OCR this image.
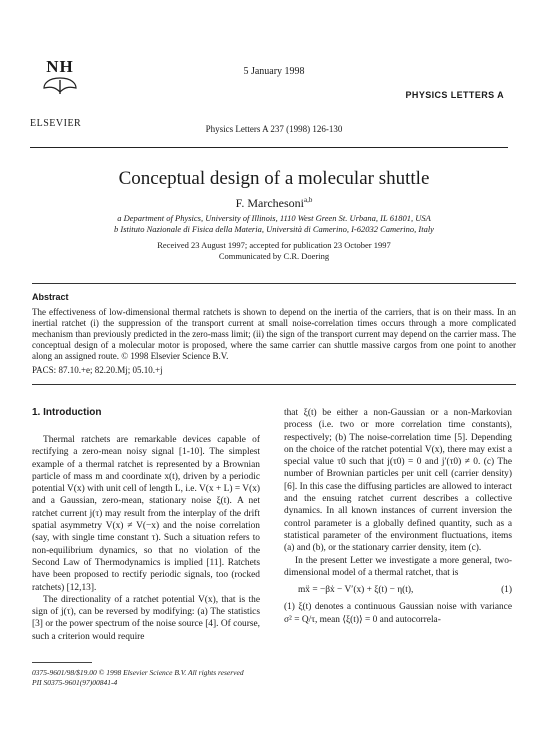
NH
ELSEVIER
5 January 1998
PHYSICS LETTERS A
Physics Letters A 237 (1998) 126-130
Conceptual design of a molecular shuttle
F. Marchesoni$^{a,b}$
a Department of Physics, University of Illinois, 1110 West Green St. Urbana, IL 61801, USA
b Istituto Nazionale di Fisica della Materia, Università di Camerino, I-62032 Camerino, Italy
Received 23 August 1997; accepted for publication 23 October 1997
Communicated by C.R. Doering
Abstract
The effectiveness of low-dimensional thermal ratchets is shown to depend on the inertia of the carriers, that is on their mass. In an inertial ratchet (i) the suppression of the transport current at small noise-correlation times occurs through a more complicated mechanism than previously predicted in the zero-mass limit; (ii) the sign of the transport current may depend on the carrier mass. The conceptual design of a molecular motor is proposed, where the same carrier can shuttle massive cargos from one point to another along an assigned route. © 1998 Elsevier Science B.V.
PACS: 87.10.+e; 82.20.Mj; 05.10.+j
1. Introduction

Thermal ratchets are remarkable devices capable of rectifying a zero-mean noisy signal [1-10]. The simplest example of a thermal ratchet is represented by a Brownian particle of mass m and coordinate x(t), driven by a periodic potential V(x) with unit cell of length L, i.e. V(x + L) = V(x) and a Gaussian, zero-mean, stationary noise ξ(t). A net ratchet current j(τ) may result from the interplay of the drift spatial asymmetry V(x) ≠ V(−x) and the noise correlation (say, with single time constant τ). Such a situation refers to non-equilibrium dynamics, so that no violation of the Second Law of Thermodynamics is implied [11]. Ratchets have been proposed to rectify periodic signals, too (rocked ratchets) [12,13].

The directionality of a ratchet potential V(x), that is the sign of j(τ), can be reversed by modifying: (a) The statistics [3] or the power spectrum of the noise source [4]. Of course, such a criterion would require

that ξ(t) be either a non-Gaussian or a non-Markovian process (i.e. two or more correlation time constants), respectively; (b) The noise-correlation time [5]. Depending on the choice of the ratchet potential V(x), there may exist a special value τ0 such that j(τ0) = 0 and j′(τ0) ≠ 0. (c) The number of Brownian particles per unit cell (carrier density) [6]. In this case the diffusing particles are allowed to interact and the ensuing ratchet current describes a collective dynamics. In all known instances of current inversion the control parameter is a globally defined quantity, such as a statistical parameter of the environment fluctuations, items (a) and (b), or the stationary carrier density, item (c).

In the present Letter we investigate a more general, two-dimensional model of a thermal ratchet, that is

mẍ = −βẋ − V′(x) + ξ(t) − η(t),	(1)

(1) ξ(t) denotes a continuous Gaussian noise with variance σ² = Q/τ, mean ⟨ξ(t)⟩ = 0 and autocorrela-

0375-9601/98/$19.00 © 1998 Elsevier Science B.V. All rights reserved
PII S0375-9601(97)00841-4
